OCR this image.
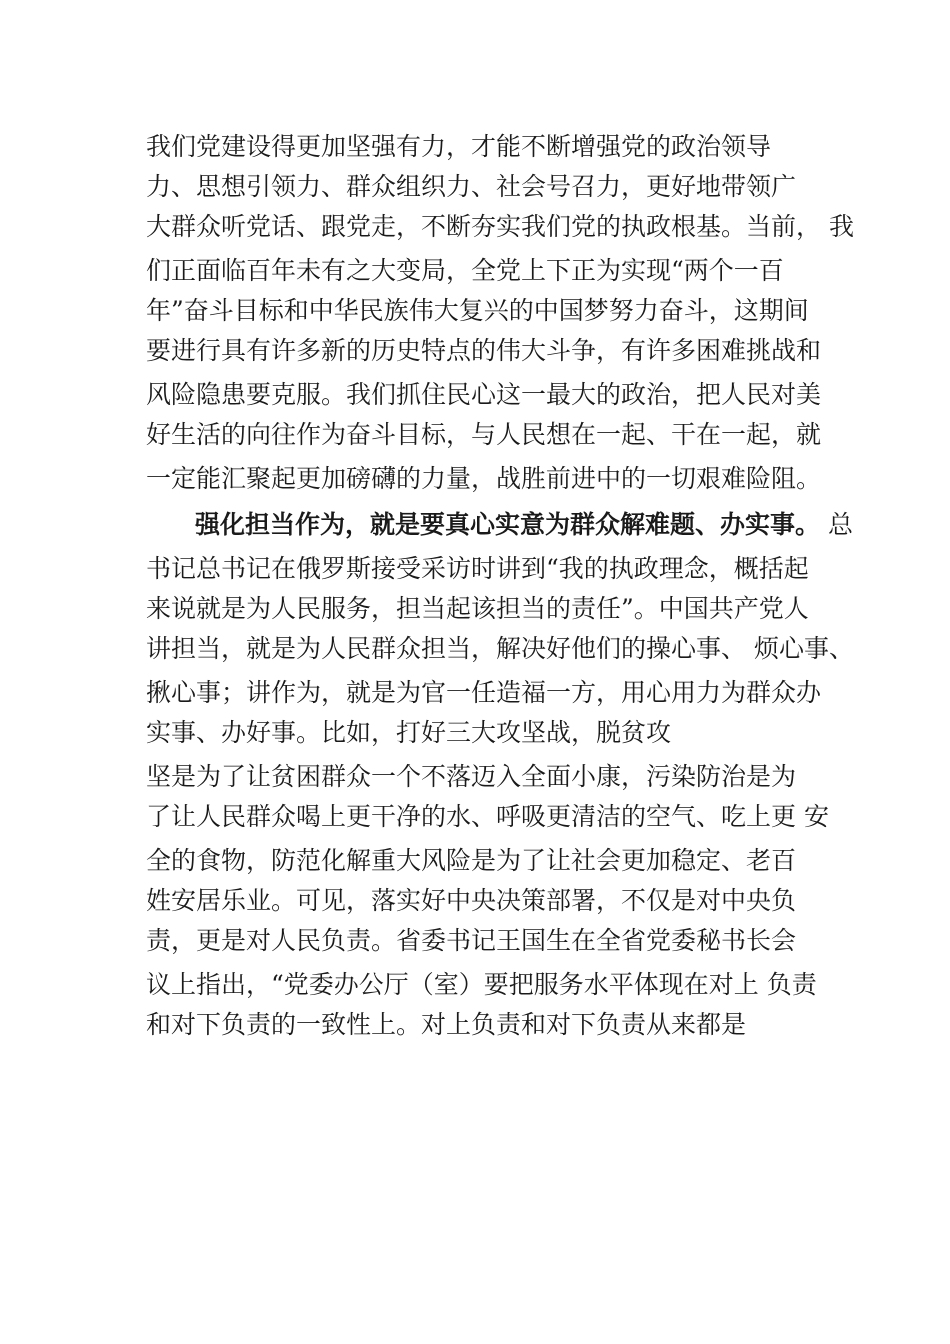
我们党建设得更加坚强有力，才能不断增强党的政治领导
力、思想引领力、群众组织力、社会号召力，更好地带领广
大群众听党话、跟党走，不断夯实我们党的执政根基。当前， 我
们正面临百年未有之大变局，全党上下正为实现“两个一百
年”奋斗目标和中华民族伟大复兴的中国梦努力奋斗，这期间
要进行具有许多新的历史特点的伟大斗争，有许多困难挑战和
风险隐患要克服。我们抓住民心这一最大的政治，把人民对美
好生活的向往作为奋斗目标，与人民想在一起、干在一起，就
一定能汇聚起更加磅礴的力量，战胜前进中的一切艰难险阻。
强化担当作为，就是要真心实意为群众解难题、办实事。 总
书记总书记在俄罗斯接受采访时讲到“我的执政理念，概括起
来说就是为人民服务，担当起该担当的责任”。中国共产党人
讲担当，就是为人民群众担当，解决好他们的操心事、 烦心事、
揪心事；讲作为，就是为官一任造福一方，用心用力为群众办
实事、办好事。比如，打好三大攻坚战，脱贫攻
坚是为了让贫困群众一个不落迈入全面小康，污染防治是为
了让人民群众喝上更干净的水、呼吸更清洁的空气、吃上更 安
全的食物，防范化解重大风险是为了让社会更加稳定、老百
姓安居乐业。可见，落实好中央决策部署，不仅是对中央负
责，更是对人民负责。省委书记王国生在全省党委秘书长会
议上指出，“党委办公厅（室）要把服务水平体现在对上 负责
和对下负责的一致性上。对上负责和对下负责从来都是
